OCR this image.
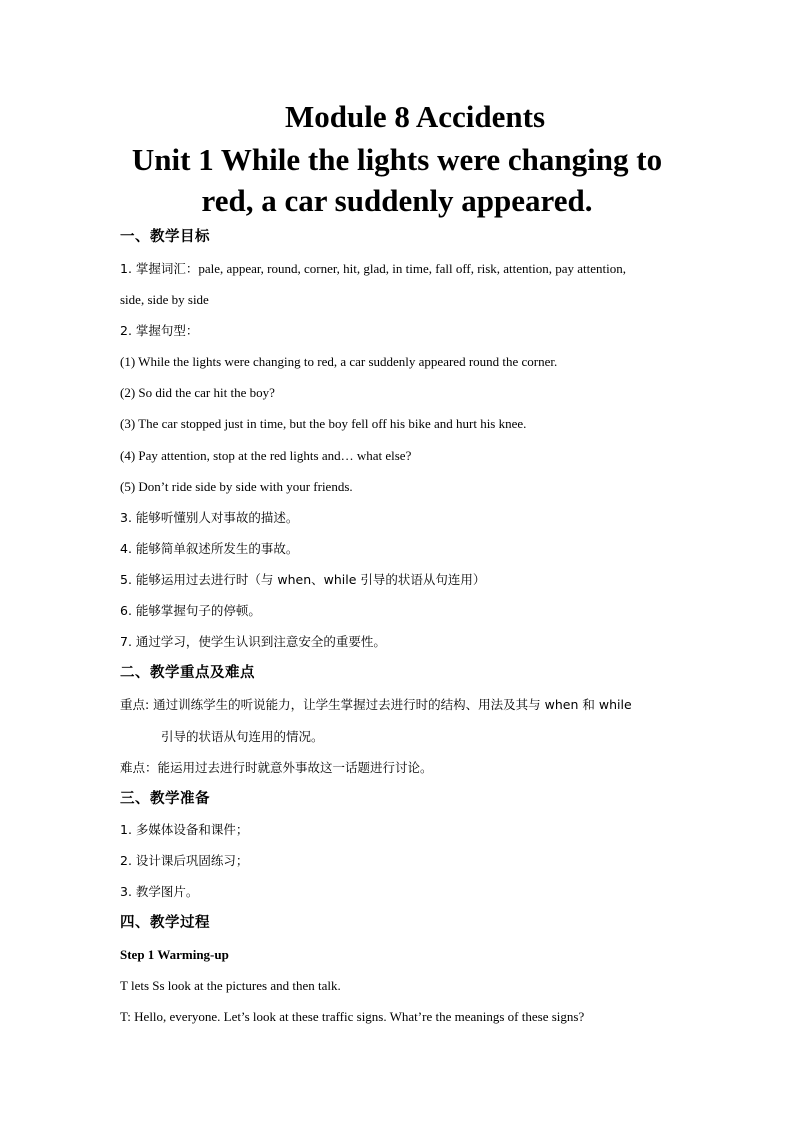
Module 8 Accidents
Unit 1 While the lights were changing to
red, a car suddenly appeared.
一、教学目标
1. 掌握词汇：pale, appear, round, corner, hit, glad, in time, fall off, risk, attention, pay attention,
side, side by side
2. 掌握句型：
(1) While the lights were changing to red, a car suddenly appeared round the corner.
(2) So did the car hit the boy?
(3) The car stopped just in time, but the boy fell off his bike and hurt his knee.
(4) Pay attention, stop at the red lights and… what else?
(5) Don’t ride side by side with your friends.
3. 能够听懂别人对事故的描述。
4. 能够简单叙述所发生的事故。
5. 能够运用过去进行时（与 when、while 引导的状语从句连用）
6. 能够掌握句子的停顿。
7. 通过学习，使学生认识到注意安全的重要性。
二、教学重点及难点
重点: 通过训练学生的听说能力，让学生掌握过去进行时的结构、用法及其与 when 和 while
引导的状语从句连用的情况。
难点：能运用过去进行时就意外事故这一话题进行讨论。
三、教学准备
1. 多媒体设备和课件；
2. 设计课后巩固练习；
3. 教学图片。
四、教学过程
Step 1 Warming-up
T lets Ss look at the pictures and then talk.
T: Hello, everyone. Let’s look at these traffic signs. What’re the meanings of these signs?
